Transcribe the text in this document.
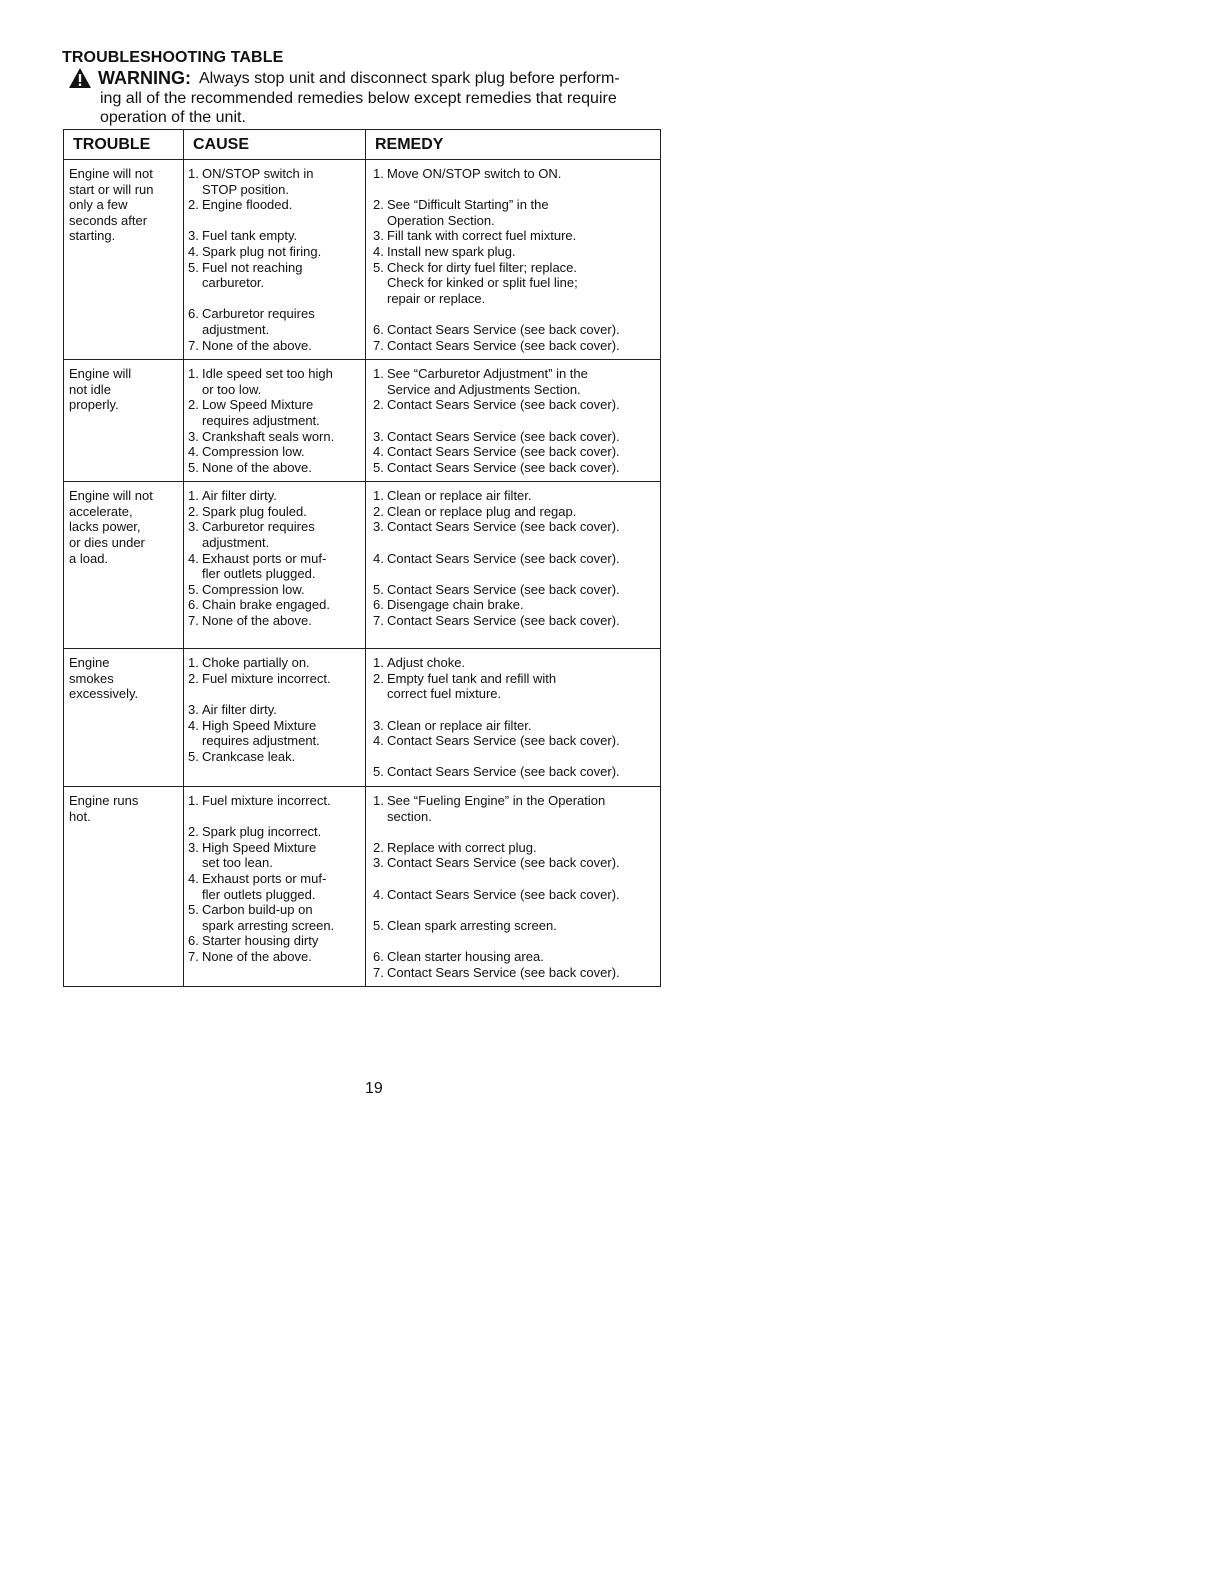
TROUBLESHOOTING TABLE
WARNING: Always stop unit and disconnect spark plug before perform-
ing all of the recommended remedies below except remedies that require
operation of the unit.
TROUBLE	CAUSE	REMEDY
Engine will not
start or will run
only a few
seconds after
starting.
1. ON/STOP switch in
STOP position.
2. Engine flooded.
3. Fuel tank empty.
4. Spark plug not firing.
5. Fuel not reaching
carburetor.
6. Carburetor requires
adjustment.
7. None of the above.
1. Move ON/STOP switch to ON.
2. See “Difficult Starting” in the
Operation Section.
3. Fill tank with correct fuel mixture.
4. Install new spark plug.
5. Check for dirty fuel filter; replace.
Check for kinked or split fuel line;
repair or replace.
6. Contact Sears Service (see back cover).
7. Contact Sears Service (see back cover).
Engine will
not idle
properly.
1. Idle speed set too high
or too low.
2. Low Speed Mixture
requires adjustment.
3. Crankshaft seals worn.
4. Compression low.
5. None of the above.
1. See “Carburetor Adjustment” in the
Service and Adjustments Section.
2. Contact Sears Service (see back cover).
3. Contact Sears Service (see back cover).
4. Contact Sears Service (see back cover).
5. Contact Sears Service (see back cover).
Engine will not
accelerate,
lacks power,
or dies under
a load.
1. Air filter dirty.
2. Spark plug fouled.
3. Carburetor requires
adjustment.
4. Exhaust ports or muf-
fler outlets plugged.
5. Compression low.
6. Chain brake engaged.
7. None of the above.
1. Clean or replace air filter.
2. Clean or replace plug and regap.
3. Contact Sears Service (see back cover).
4. Contact Sears Service (see back cover).
5. Contact Sears Service (see back cover).
6. Disengage chain brake.
7. Contact Sears Service (see back cover).
Engine
smokes
excessively.
1. Choke partially on.
2. Fuel mixture incorrect.
3. Air filter dirty.
4. High Speed Mixture
requires adjustment.
5. Crankcase leak.
1. Adjust choke.
2. Empty fuel tank and refill with
correct fuel mixture.
3. Clean or replace air filter.
4. Contact Sears Service (see back cover).
5. Contact Sears Service (see back cover).
Engine runs
hot.
1. Fuel mixture incorrect.
2. Spark plug incorrect.
3. High Speed Mixture
set too lean.
4. Exhaust ports or muf-
fler outlets plugged.
5. Carbon build-up on
spark arresting screen.
6. Starter housing dirty
7. None of the above.
1. See “Fueling Engine” in the Operation
section.
2. Replace with correct plug.
3. Contact Sears Service (see back cover).
4. Contact Sears Service (see back cover).
5. Clean spark arresting screen.
6. Clean starter housing area.
7. Contact Sears Service (see back cover).
19
